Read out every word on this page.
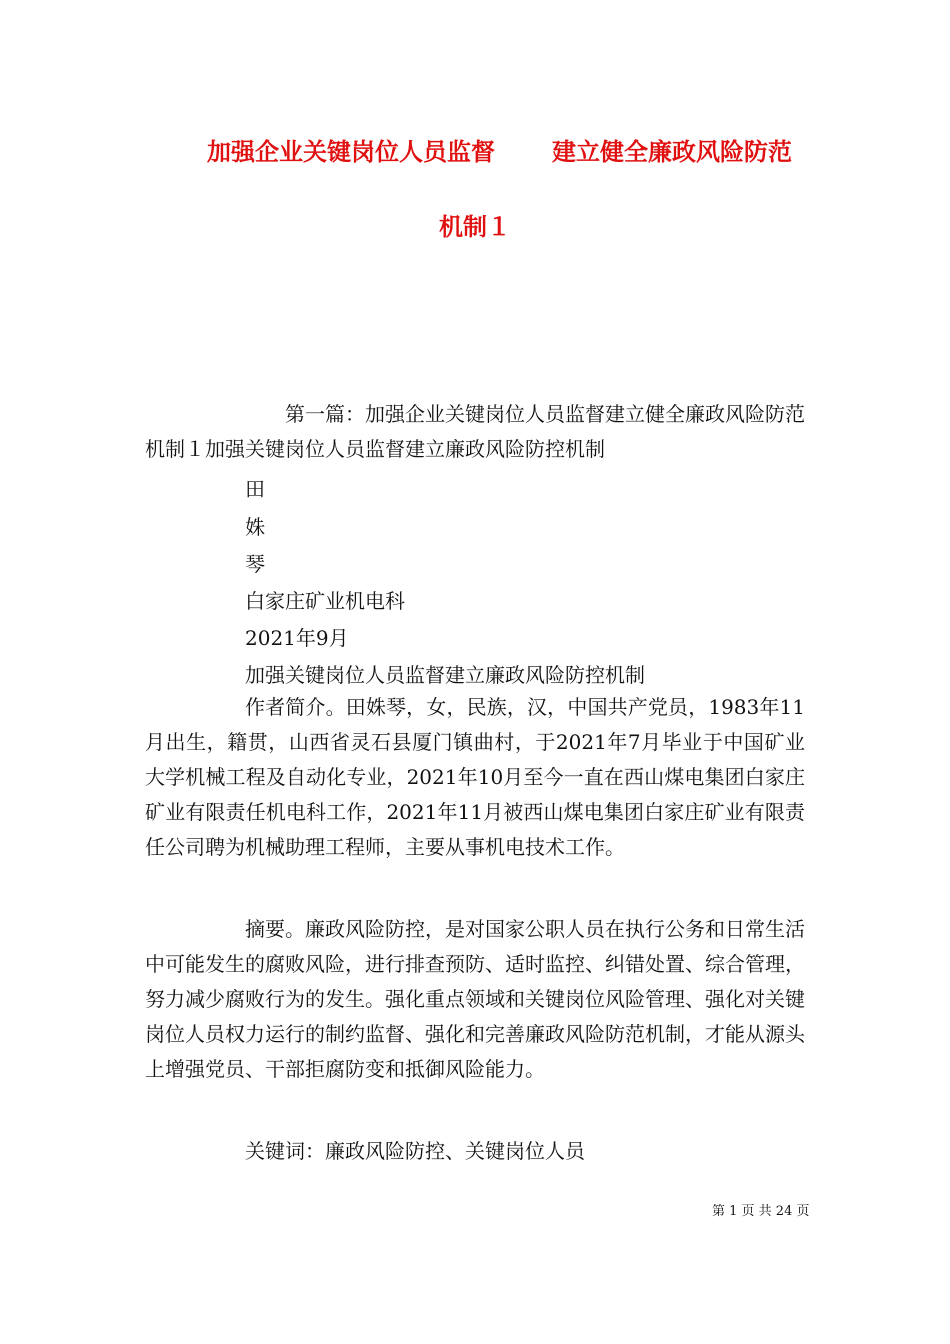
加强企业关键岗位人员监督 建立健全廉政风险防范
机制１
第一篇：加强企业关键岗位人员监督建立健全廉政风险防范机制１加强关键岗位人员监督建立廉政风险防控机制
田
姝
琴
白家庄矿业机电科
2021年9月
加强关键岗位人员监督建立廉政风险防控机制
作者简介。田姝琴，女，民族，汉，中国共产党员，1983年11月出生，籍贯，山西省灵石县厦门镇曲村，于2021年7月毕业于中国矿业大学机械工程及自动化专业，2021年10月至今一直在西山煤电集团白家庄矿业有限责任机电科工作，2021年11月被西山煤电集团白家庄矿业有限责任公司聘为机械助理工程师，主要从事机电技术工作。
摘要。廉政风险防控，是对国家公职人员在执行公务和日常生活中可能发生的腐败风险，进行排查预防、适时监控、纠错处置、综合管理，努力减少腐败行为的发生。强化重点领域和关键岗位风险管理、强化对关键岗位人员权力运行的制约监督、强化和完善廉政风险防范机制，才能从源头上增强党员、干部拒腐防变和抵御风险能力。
关键词：廉政风险防控、关键岗位人员
第 1 页 共 24 页
